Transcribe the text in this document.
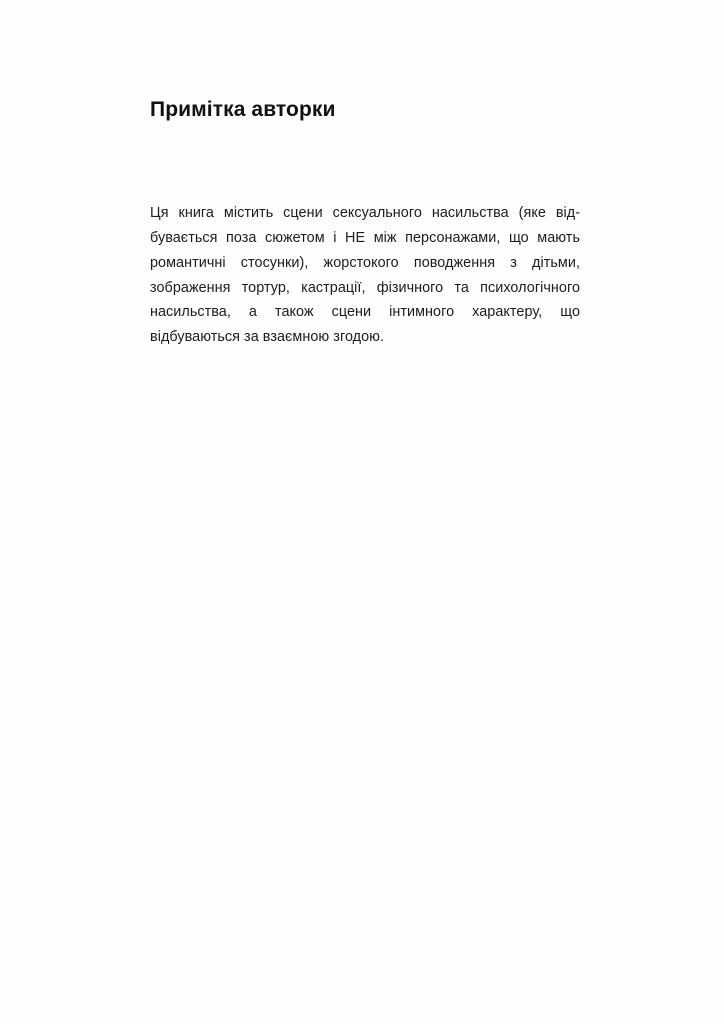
Примітка авторки

Ця книга містить сцени сексуального насильства (яке відбувається поза сюжетом і НЕ між персонажами, що мають романтичні стосунки), жорстокого поводження з дітьми, зображення тортур, кастрації, фізичного та психологічного насильства, а також сцени інтимного характеру, що відбуваються за взаємною згодою.
